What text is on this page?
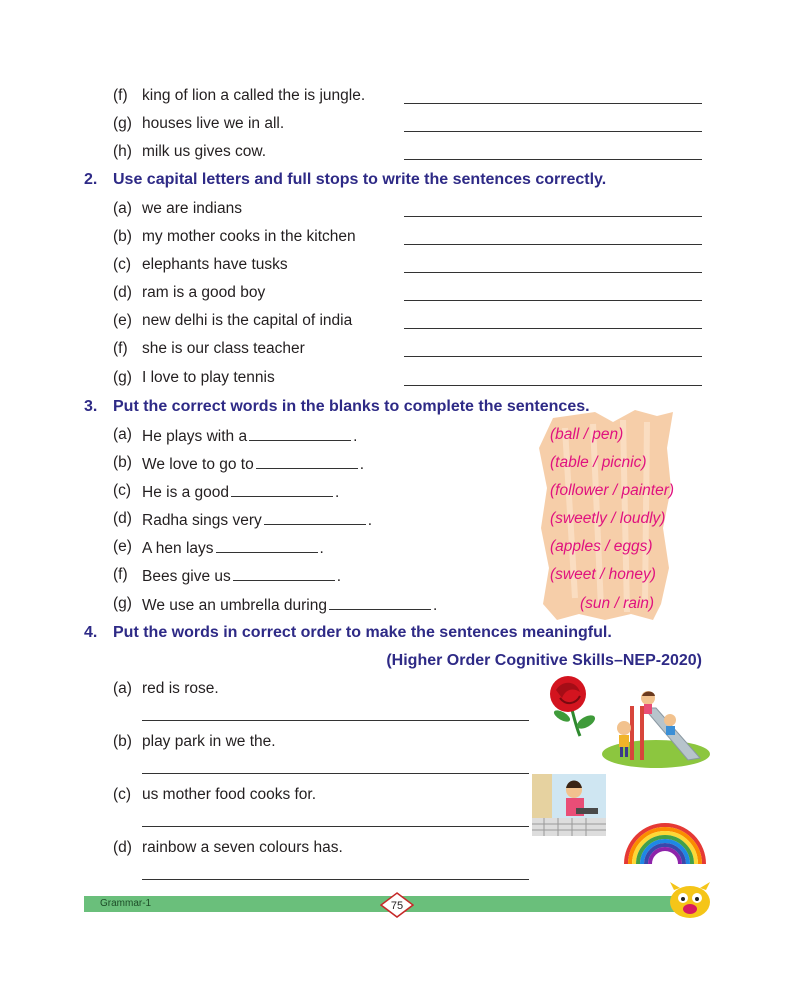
(f) king of lion a called the is jungle.
(g) houses live we in all.
(h) milk us gives cow.
2. Use capital letters and full stops to write the sentences correctly.
(a) we are indians
(b) my mother cooks in the kitchen
(c) elephants have tusks
(d) ram is a good boy
(e) new delhi is the capital of india
(f) she is our class teacher
(g) I love to play tennis
3. Put the correct words in the blanks to complete the sentences.
(a) He plays with a	.	(ball / pen)
(b) We love to go to	.	(table / picnic)
(c) He is a good	.	(follower / painter)
(d) Radha sings very	.	(sweetly / loudly)
(e) A hen lays	.	(apples / eggs)
(f) Bees give us	.	(sweet / honey)
(g) We use an umbrella during	.	(sun / rain)
4. Put the words in correct order to make the sentences meaningful.
(Higher Order Cognitive Skills–NEP-2020)
(a) red is rose.
(b) play park in we the.
(c) us mother food cooks for.
(d) rainbow a seven colours has.
Grammar-1	75
